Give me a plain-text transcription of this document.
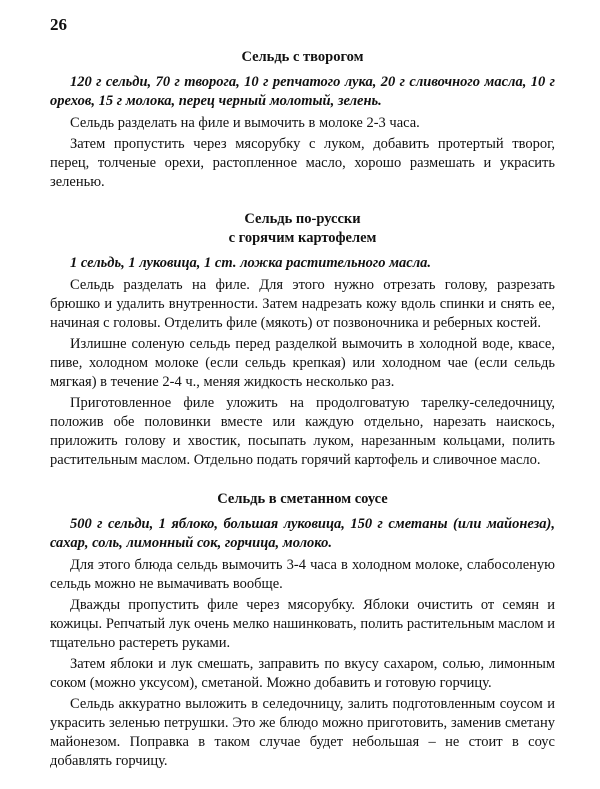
26
Сельдь с творогом

120 г сельди, 70 г творога, 10 г репчатого лука, 20 г сливочного масла, 10 г орехов, 15 г молока, перец черный молотый, зелень.

Сельдь разделать на филе и вымочить в молоке 2-3 часа.

Затем пропустить через мясорубку с луком, добавить протертый творог, перец, толченые орехи, растопленное масло, хорошо размешать и украсить зеленью.

Сельдь по-русски
с горячим картофелем

1 сельдь, 1 луковица, 1 ст. ложка растительного масла.

Сельдь разделать на филе. Для этого нужно отрезать голову, разрезать брюшко и удалить внутренности. Затем надрезать кожу вдоль спинки и снять ее, начиная с головы. Отделить филе (мякоть) от позвоночника и реберных костей.

Излишне соленую сельдь перед разделкой вымочить в холодной воде, квасе, пиве, холодном молоке (если сельдь крепкая) или холодном чае (если сельдь мягкая) в течение 2-4 ч., меняя жидкость несколько раз.

Приготовленное филе уложить на продолговатую тарелку-селедочницу, положив обе половинки вместе или каждую отдельно, нарезать наискось, приложить голову и хвостик, посыпать луком, нарезанным кольцами, полить растительным маслом. Отдельно подать горячий картофель и сливочное масло.

Сельдь в сметанном соусе

500 г сельди, 1 яблоко, большая луковица, 150 г сметаны (или майонеза), сахар, соль, лимонный сок, горчица, молоко.

Для этого блюда сельдь вымочить 3-4 часа в холодном молоке, слабосоленую сельдь можно не вымачивать вообще.

Дважды пропустить филе через мясорубку. Яблоки очистить от семян и кожицы. Репчатый лук очень мелко нашинковать, полить растительным маслом и тщательно растереть руками.

Затем яблоки и лук смешать, заправить по вкусу сахаром, солью, лимонным соком (можно уксусом), сметаной. Можно добавить и готовую горчицу.

Сельдь аккуратно выложить в селедочницу, залить подготовленным соусом и украсить зеленью петрушки. Это же блюдо можно приготовить, заменив сметану майонезом. Поправка в таком случае будет небольшая – не стоит в соус добавлять горчицу.
